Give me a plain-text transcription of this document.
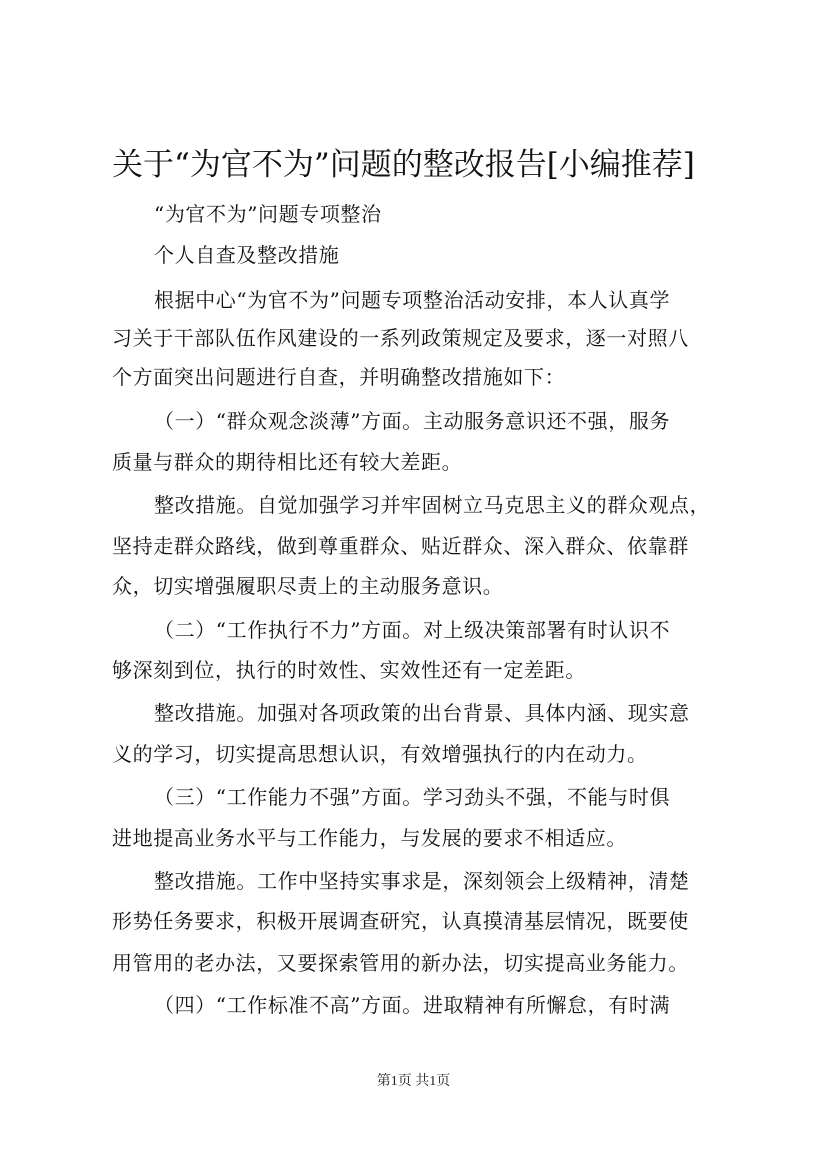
关于“为官不为”问题的整改报告[小编推荐]
“为官不为”问题专项整治
个人自查及整改措施
根据中心“为官不为”问题专项整治活动安排，本人认真学
习关于干部队伍作风建设的一系列政策规定及要求，逐一对照八
个方面突出问题进行自查，并明确整改措施如下：
（一）“群众观念淡薄”方面。主动服务意识还不强，服务
质量与群众的期待相比还有较大差距。
整改措施。自觉加强学习并牢固树立马克思主义的群众观点，
坚持走群众路线，做到尊重群众、贴近群众、深入群众、依靠群
众，切实增强履职尽责上的主动服务意识。
（二）“工作执行不力”方面。对上级决策部署有时认识不
够深刻到位，执行的时效性、实效性还有一定差距。
整改措施。加强对各项政策的出台背景、具体内涵、现实意
义的学习，切实提高思想认识，有效增强执行的内在动力。
（三）“工作能力不强”方面。学习劲头不强，不能与时俱
进地提高业务水平与工作能力，与发展的要求不相适应。
整改措施。工作中坚持实事求是，深刻领会上级精神，清楚
形势任务要求，积极开展调查研究，认真摸清基层情况，既要使
用管用的老办法，又要探索管用的新办法，切实提高业务能力。
（四）“工作标准不高”方面。进取精神有所懈怠，有时满
第1页 共1页
